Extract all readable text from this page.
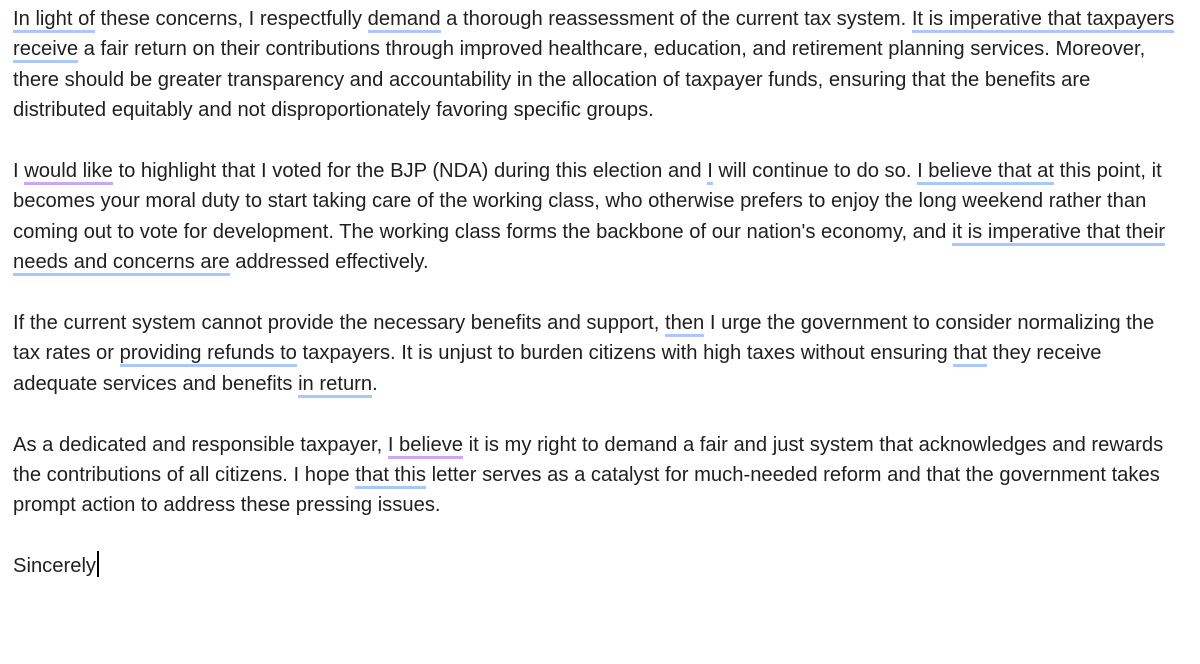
In light of these concerns, I respectfully demand a thorough reassessment of the current tax system. It is imperative that taxpayers receive a fair return on their contributions through improved healthcare, education, and retirement planning services. Moreover, there should be greater transparency and accountability in the allocation of taxpayer funds, ensuring that the benefits are distributed equitably and not disproportionately favoring specific groups.

I would like to highlight that I voted for the BJP (NDA) during this election and I will continue to do so. I believe that at this point, it becomes your moral duty to start taking care of the working class, who otherwise prefers to enjoy the long weekend rather than coming out to vote for development. The working class forms the backbone of our nation's economy, and it is imperative that their needs and concerns are addressed effectively.

If the current system cannot provide the necessary benefits and support, then I urge the government to consider normalizing the tax rates or providing refunds to taxpayers. It is unjust to burden citizens with high taxes without ensuring that they receive adequate services and benefits in return.

As a dedicated and responsible taxpayer, I believe it is my right to demand a fair and just system that acknowledges and rewards the contributions of all citizens. I hope that this letter serves as a catalyst for much-needed reform and that the government takes prompt action to address these pressing issues.

Sincerely
